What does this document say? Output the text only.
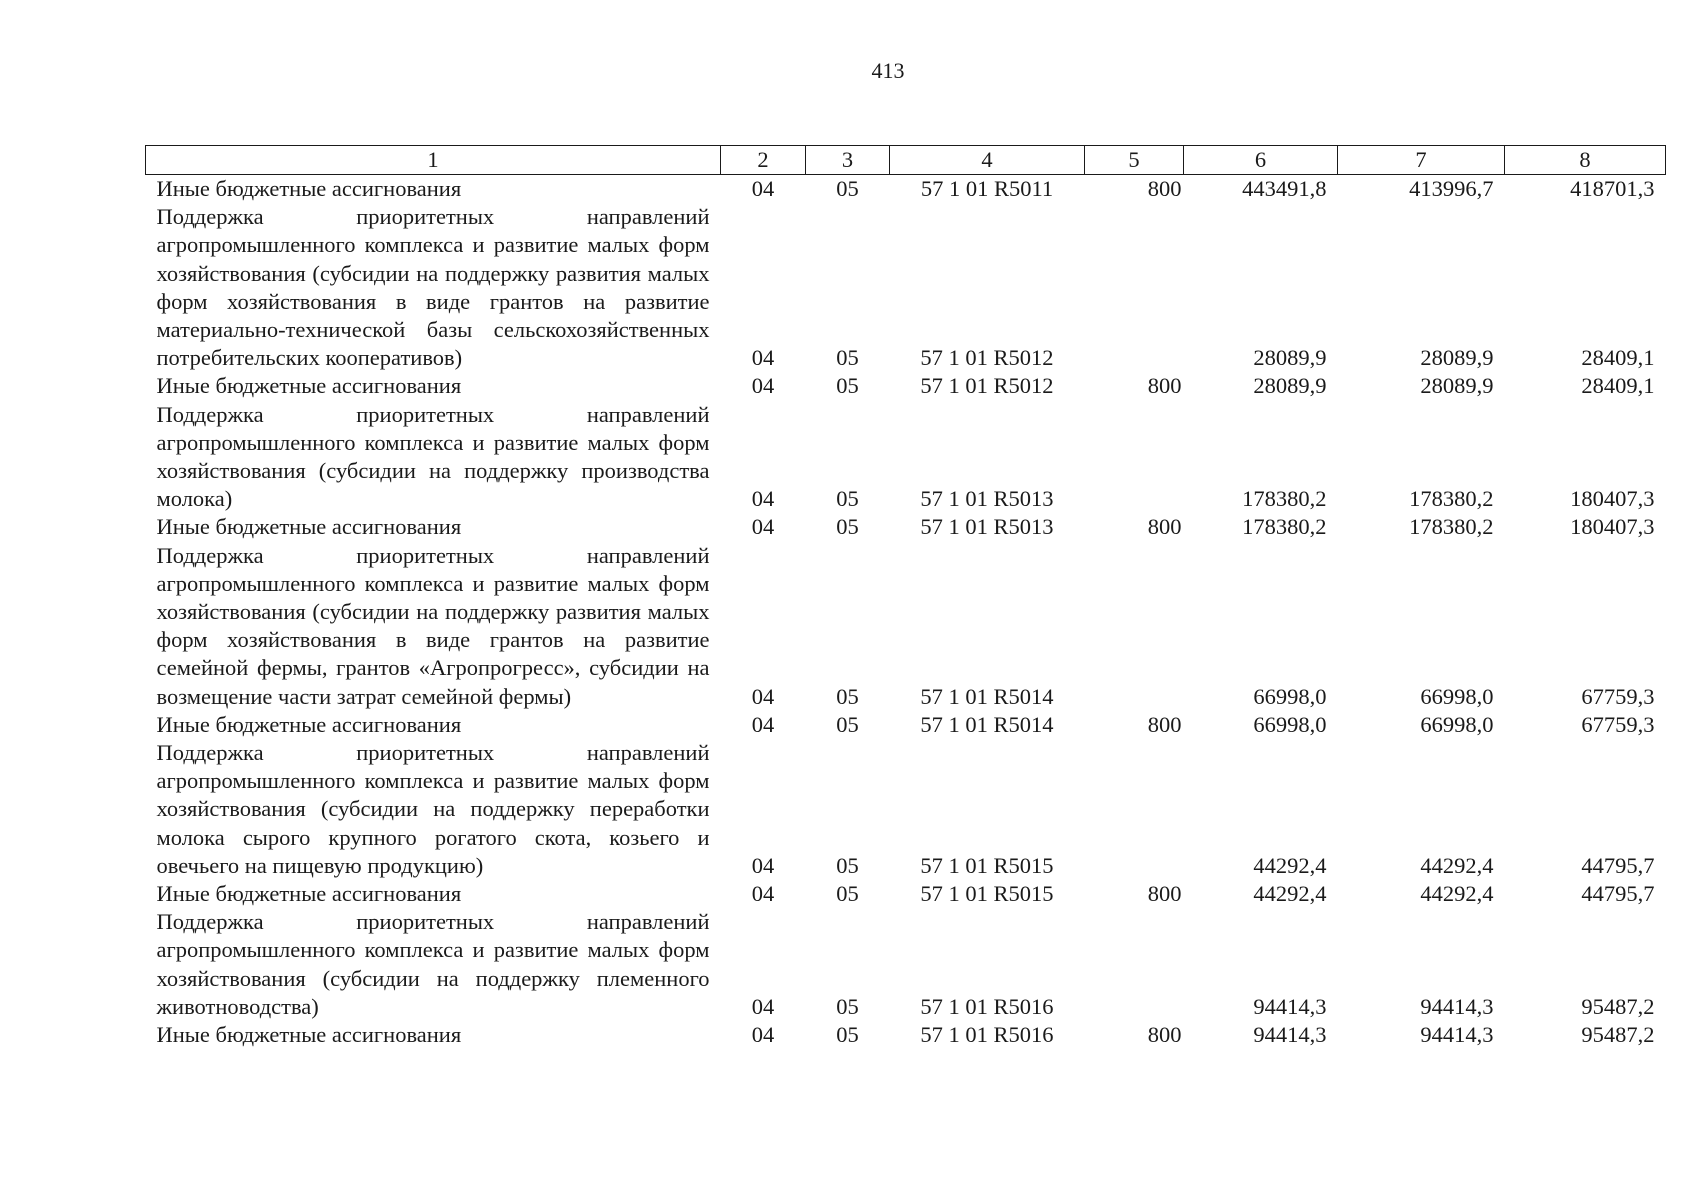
413
1	2	3	4	5	6	7	8
Иные бюджетные ассигнования	04	05	57 1 01 R5011	800	443491,8	413996,7	418701,3
Поддержка приоритетных направлений агропромышленного комплекса и развитие малых форм хозяйствования (субсидии на поддержку развития малых форм хозяйствования в виде грантов на развитие материально-технической базы сельскохозяйственных потребительских кооперативов)	04	05	57 1 01 R5012		28089,9	28089,9	28409,1
Иные бюджетные ассигнования	04	05	57 1 01 R5012	800	28089,9	28089,9	28409,1
Поддержка приоритетных направлений агропромышленного комплекса и развитие малых форм хозяйствования (субсидии на поддержку производства молока)	04	05	57 1 01 R5013		178380,2	178380,2	180407,3
Иные бюджетные ассигнования	04	05	57 1 01 R5013	800	178380,2	178380,2	180407,3
Поддержка приоритетных направлений агропромышленного комплекса и развитие малых форм хозяйствования (субсидии на поддержку развития малых форм хозяйствования в виде грантов на развитие семейной фермы, грантов «Агропрогресс», субсидии на возмещение части затрат семейной фермы)	04	05	57 1 01 R5014		66998,0	66998,0	67759,3
Иные бюджетные ассигнования	04	05	57 1 01 R5014	800	66998,0	66998,0	67759,3
Поддержка приоритетных направлений агропромышленного комплекса и развитие малых форм хозяйствования (субсидии на поддержку переработки молока сырого крупного рогатого скота, козьего и овечьего на пищевую продукцию)	04	05	57 1 01 R5015		44292,4	44292,4	44795,7
Иные бюджетные ассигнования	04	05	57 1 01 R5015	800	44292,4	44292,4	44795,7
Поддержка приоритетных направлений агропромышленного комплекса и развитие малых форм хозяйствования (субсидии на поддержку племенного животноводства)	04	05	57 1 01 R5016		94414,3	94414,3	95487,2
Иные бюджетные ассигнования	04	05	57 1 01 R5016	800	94414,3	94414,3	95487,2
